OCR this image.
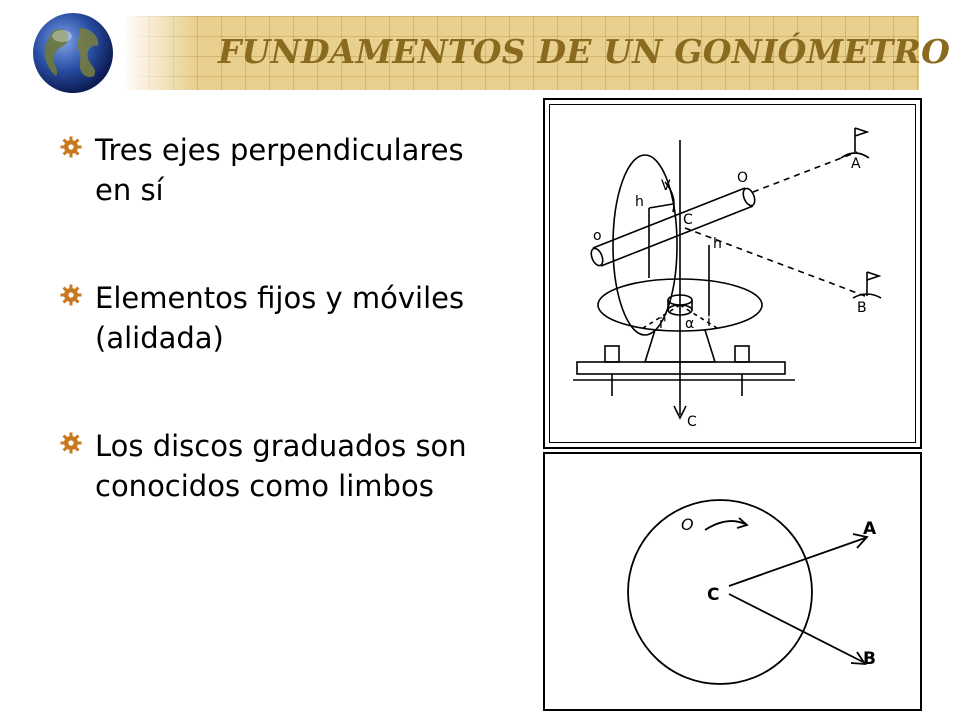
FUNDAMENTOS DE UN GONIÓMETRO
Tres ejes perpendiculares en sí
Elementos fijos y móviles (alidada)
Los discos graduados son conocidos como limbos
A
B
O
o
V
h
h
C
i' α i
C
O	A
C
B
